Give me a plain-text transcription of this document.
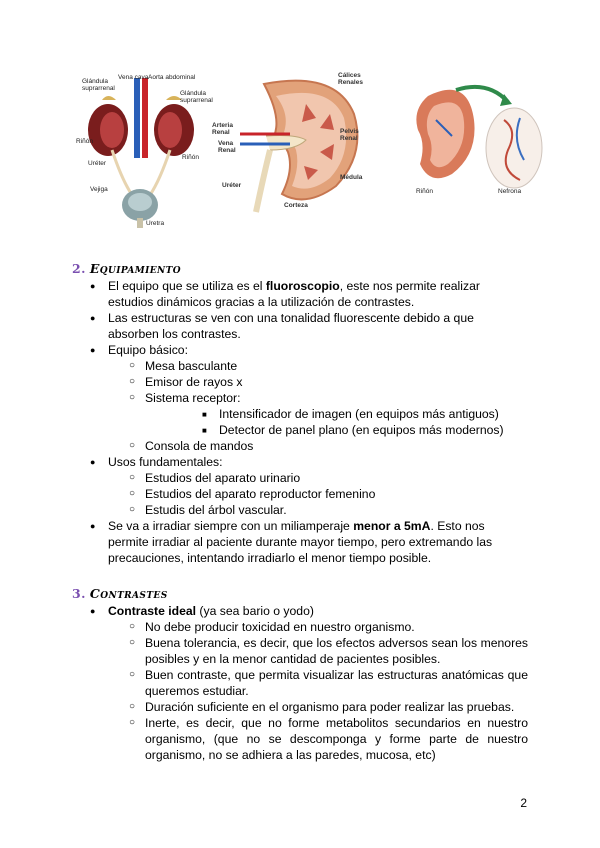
Glándula suprarrenal
Vena cava Aorta abdominal
Glándula suprarrenal
Riñón
Uréter
Vejiga
Uretra
Riñón
Cálices Renales
Arteria Renal
Vena Renal
Pelvis Renal
Uréter
Médula
Corteza
Riñón	Nefrona
2. Equipamiento
● El equipo que se utiliza es el fluoroscopio, este nos permite realizar estudios dinámicos gracias a la utilización de contrastes.
● Las estructuras se ven con una tonalidad fluorescente debido a que absorben los contrastes.
● Equipo básico:
○ Mesa basculante
○ Emisor de rayos x
○ Sistema receptor:
■ Intensificador de imagen (en equipos más antiguos)
■ Detector de panel plano (en equipos más modernos)
○ Consola de mandos
● Usos fundamentales:
○ Estudios del aparato urinario
○ Estudios del aparato reproductor femenino
○ Estudis del árbol vascular.
● Se va a irradiar siempre con un miliamperaje menor a 5mA. Esto nos permite irradiar al paciente durante mayor tiempo, pero extremando las precauciones, intentando irradiarlo el menor tiempo posible.
3. Contrastes
● Contraste ideal (ya sea bario o yodo)
○ No debe producir toxicidad en nuestro organismo.
○ Buena tolerancia, es decir, que los efectos adversos sean los menores posibles y en la menor cantidad de pacientes posibles.
○ Buen contraste, que permita visualizar las estructuras anatómicas que queremos estudiar.
○ Duración suficiente en el organismo para poder realizar las pruebas.
○ Inerte, es decir, que no forme metabolitos secundarios en nuestro organismo, (que no se descomponga y forme parte de nuestro organismo, no se adhiera a las paredes, mucosa, etc)
2
